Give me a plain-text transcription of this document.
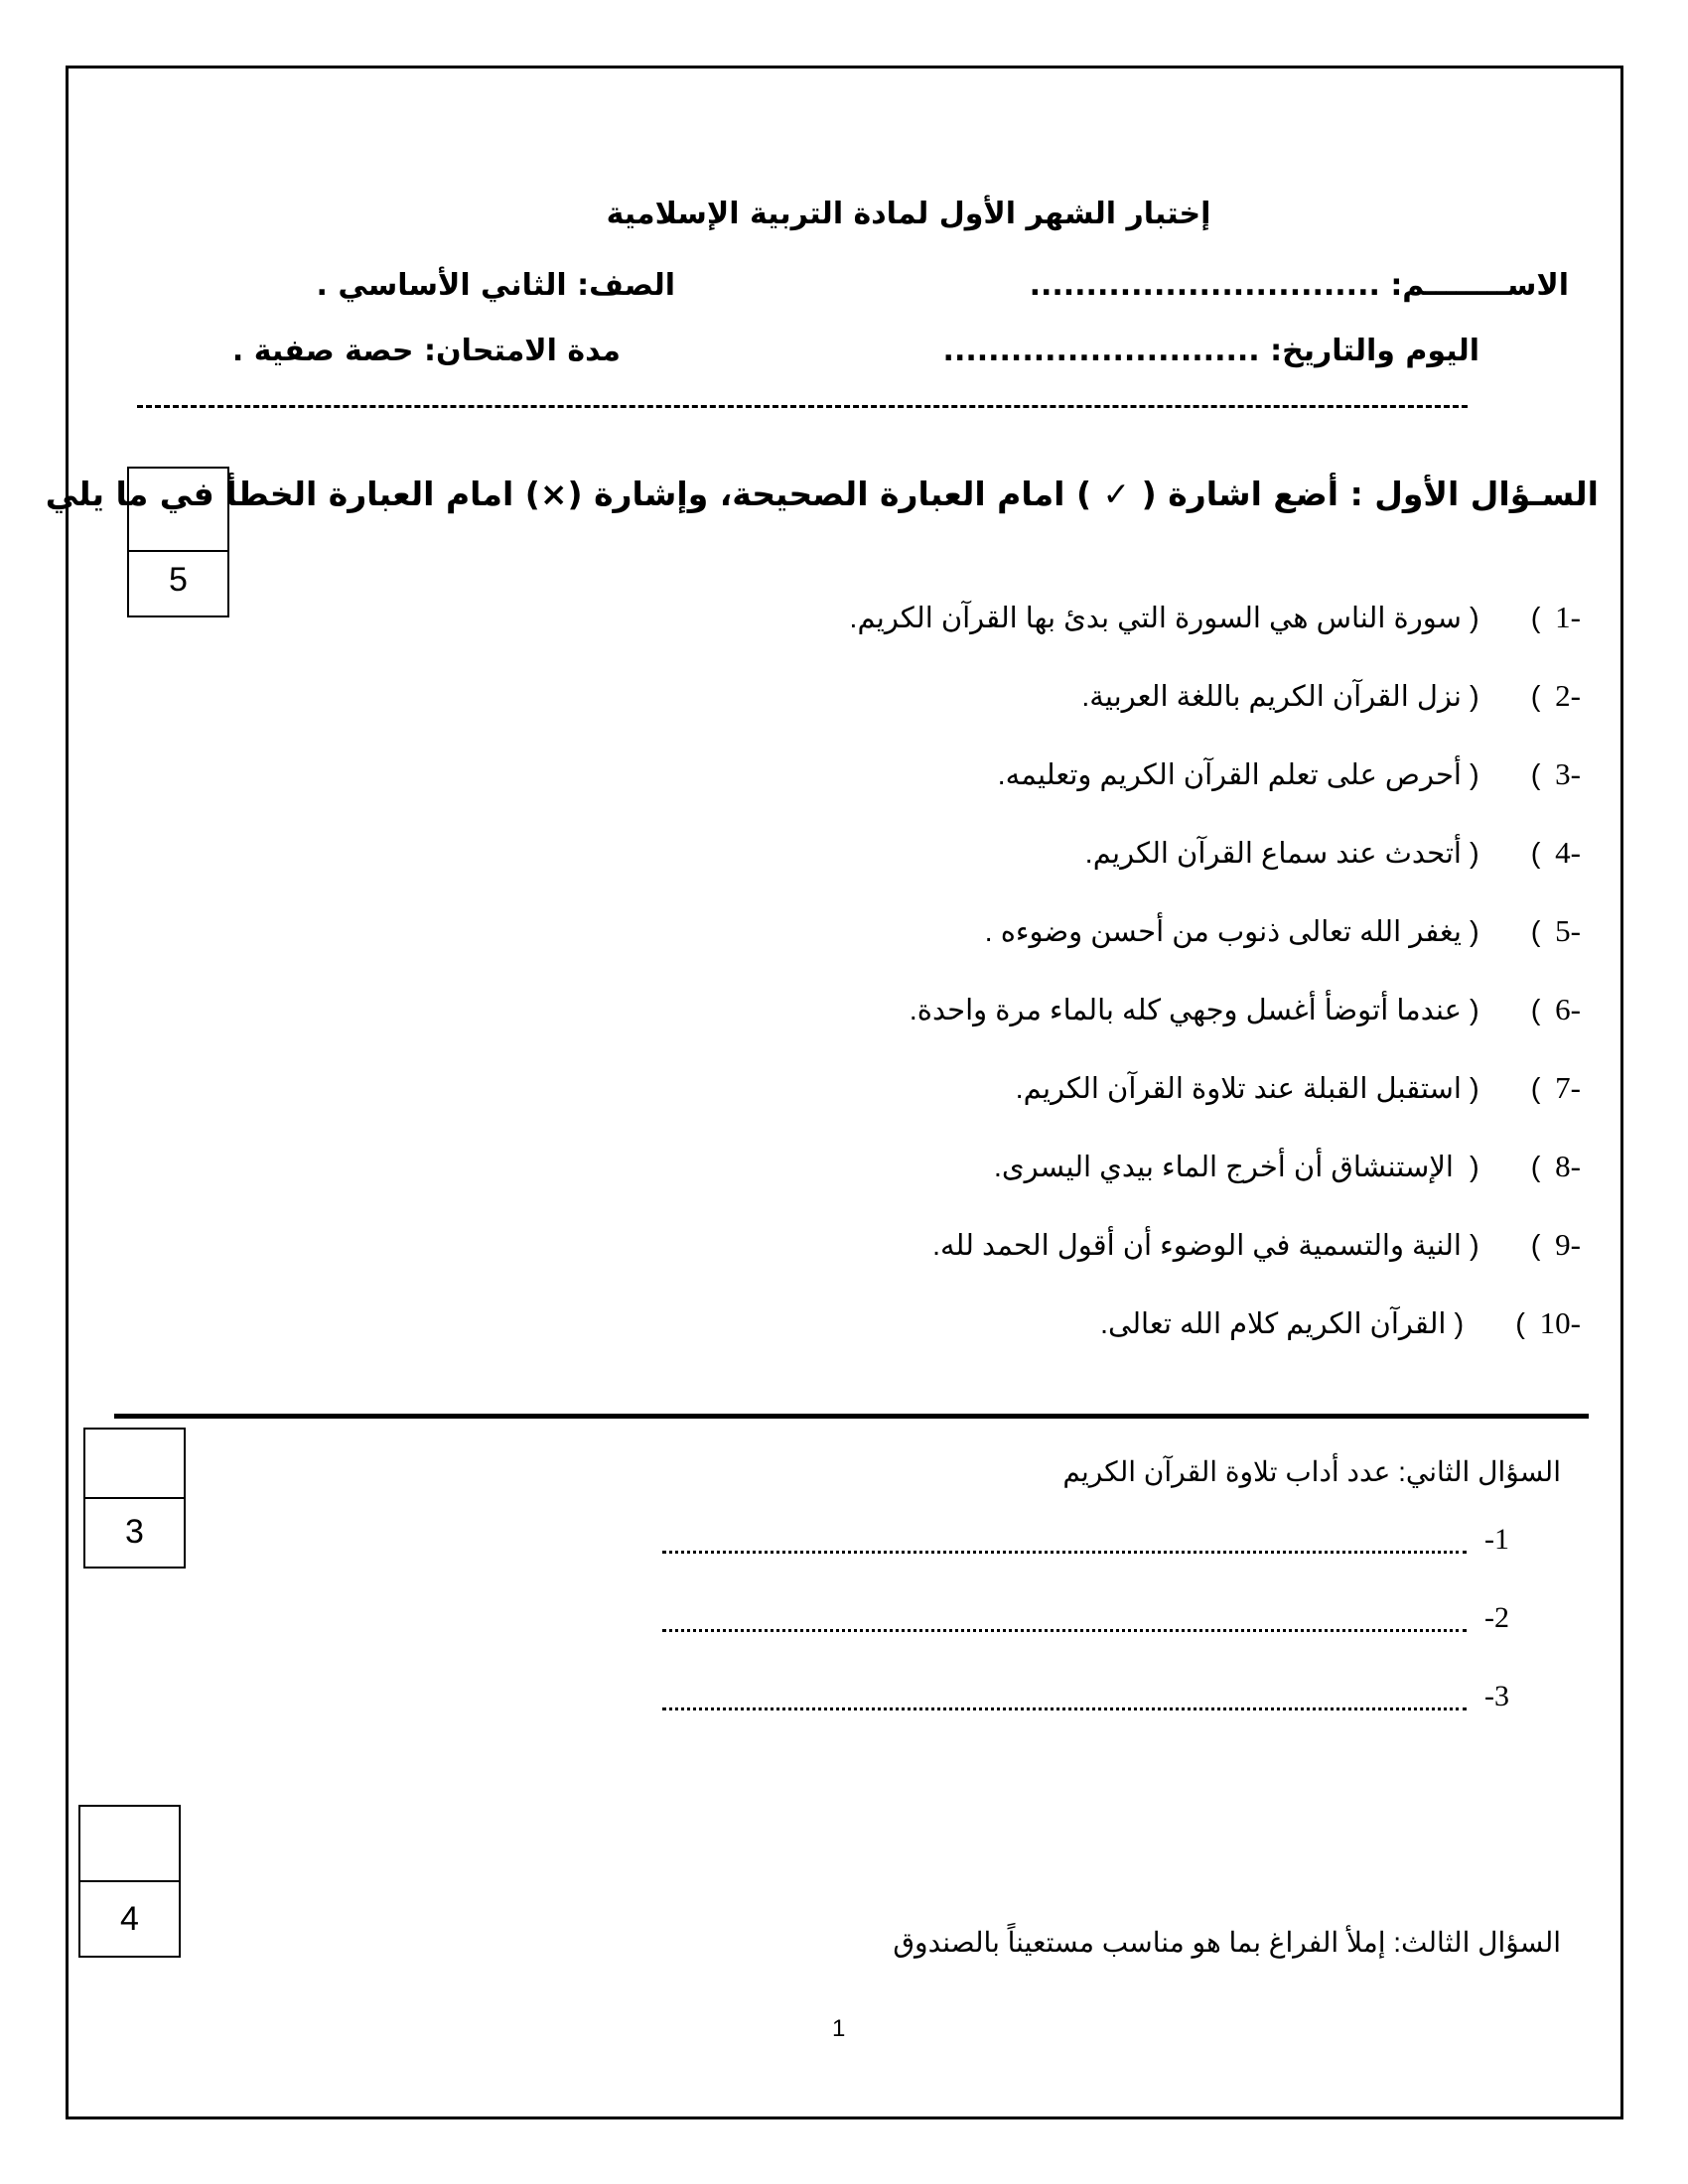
إختبار الشهر الأول لمادة التربية الإسلامية
الاســــــــم: ...............................
الصف: الثاني الأساسي .
اليوم والتاريخ: ............................
مدة الامتحان: حصة صفية .
5
السـؤال الأول : أضع اشارة ( ✓ ) امام العبارة الصحيحة، وإشارة (×) امام العبارة الخطأ في ما يلي
-1  ) ( سورة الناس هي السورة التي بدئ بها القرآن الكريم.
-2  ) ( نزل القرآن الكريم باللغة العربية.
-3  ) ( أحرص على تعلم القرآن الكريم وتعليمه.
-4  ) ( أتحدث عند سماع القرآن الكريم.
-5  ) ( يغفر الله تعالى ذنوب من أحسن وضوءه .
-6  ) ( عندما أتوضأ أغسل وجهي كله بالماء مرة واحدة.
-7  ) ( استقبل القبلة عند تلاوة القرآن الكريم.
-8  ) (  الإستنشاق أن أخرج الماء بيدي اليسرى.
-9  ) ( النية والتسمية في الوضوء أن أقول الحمد لله.
-10  ) ( القرآن الكريم كلام الله تعالى.
3
السؤال الثاني: عدد أداب تلاوة القرآن الكريم
-1
-2
-3
4
السؤال الثالث: إملأ الفراغ بما هو مناسب مستعيناً بالصندوق
1
